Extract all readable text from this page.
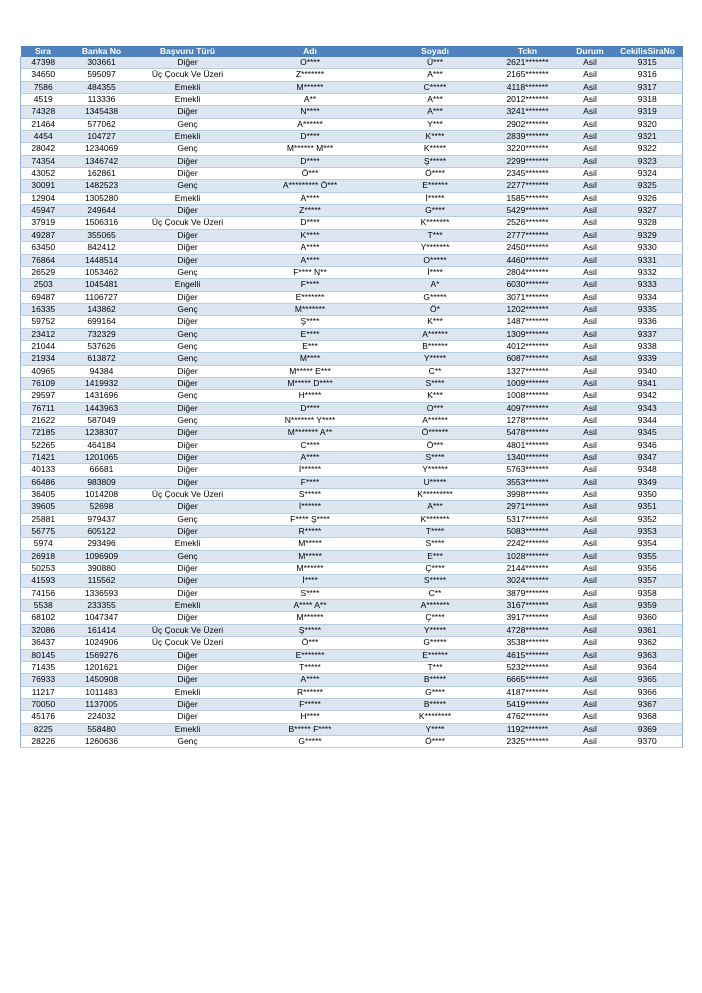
Sıra	Banka No	Başvuru Türü	Adı	Soyadı	Tckn	Durum	CekilisSiraNo
47398	303661	Diğer	O****	Ü***	2621*******	Asil	9315
34650	595097	Üç Çocuk Ve Üzeri	Z*******	A***	2165*******	Asil	9316
7586	484355	Emekli	M******	C*****	4118*******	Asil	9317
4519	113336	Emekli	A**	A***	2012*******	Asil	9318
74328	1345438	Diğer	N****	A***	3241*******	Asil	9319
21464	577062	Genç	A******	Y***	2902*******	Asil	9320
4454	104727	Emekli	D****	K****	2839*******	Asil	9321
28042	1234069	Genç	M****** M***	K*****	3220*******	Asil	9322
74354	1346742	Diğer	D****	Ş*****	2299*******	Asil	9323
43052	162861	Diğer	Ö***	Ö****	2345*******	Asil	9324
30091	1482523	Genç	A********* Ö***	E******	2277*******	Asil	9325
12904	1305280	Emekli	A****	İ*****	1585*******	Asil	9326
45947	249644	Diğer	Z*****	G****	5429*******	Asil	9327
37919	1506316	Üç Çocuk Ve Üzeri	D****	K*******	2526*******	Asil	9328
49287	355065	Diğer	K****	T***	2777*******	Asil	9329
63450	842412	Diğer	A****	Y*******	2450*******	Asil	9330
76864	1448514	Diğer	A****	O*****	4460*******	Asil	9331
26529	1053462	Genç	F**** N**	İ****	2804*******	Asil	9332
2503	1045481	Engelli	F****	A*	6030*******	Asil	9333
69487	1106727	Diğer	E*******	G*****	3071*******	Asil	9334
16335	143862	Genç	M*******	Ö*	1202*******	Asil	9335
59752	699164	Diğer	Ş****	K***	1487*******	Asil	9336
23412	732329	Genç	E****	A******	1309*******	Asil	9337
21044	537626	Genç	E***	B******	4012*******	Asil	9338
21934	613872	Genç	M****	Y*****	6087*******	Asil	9339
40965	94384	Diğer	M***** E***	C**	1327*******	Asil	9340
76109	1419932	Diğer	M***** D****	S****	1009*******	Asil	9341
29597	1431696	Genç	H*****	K***	1008*******	Asil	9342
76711	1443963	Diğer	D****	O***	4097*******	Asil	9343
21622	587049	Genç	N******* Y****	A******	1278*******	Asil	9344
72185	1238307	Diğer	M******* A**	Ö******	5478*******	Asil	9345
52265	464184	Diğer	C****	Ö***	4801*******	Asil	9346
71421	1201065	Diğer	A****	S****	1340*******	Asil	9347
40133	66681	Diğer	İ******	Y******	5763*******	Asil	9348
66486	983809	Diğer	F****	U*****	3553*******	Asil	9349
36405	1014208	Üç Çocuk Ve Üzeri	S*****	K*********	3998*******	Asil	9350
39605	52698	Diğer	İ******	A***	2971*******	Asil	9351
25881	979437	Genç	F**** Ş****	K*******	5317*******	Asil	9352
56775	605122	Diğer	R*****	T****	5083*******	Asil	9353
5974	293496	Emekli	M*****	S****	2242*******	Asil	9354
26918	1096909	Genç	M*****	E***	1028*******	Asil	9355
50253	390880	Diğer	M******	Ç****	2144*******	Asil	9356
41593	115562	Diğer	İ****	S*****	3024*******	Asil	9357
74156	1336593	Diğer	S****	C**	3879*******	Asil	9358
5538	233355	Emekli	A**** A**	A*******	3167*******	Asil	9359
68102	1047347	Diğer	M******	Ç****	3917*******	Asil	9360
32086	161414	Üç Çocuk Ve Üzeri	Ş*****	Y*****	4728*******	Asil	9361
36437	1024906	Üç Çocuk Ve Üzeri	Ö***	G*****	3538*******	Asil	9362
80145	1569276	Diğer	E*******	E******	4615*******	Asil	9363
71435	1201621	Diğer	T*****	T***	5232*******	Asil	9364
76933	1450908	Diğer	A****	B*****	6665*******	Asil	9365
11217	1011483	Emekli	R******	G****	4187*******	Asil	9366
70050	1137005	Diğer	F*****	B*****	5419*******	Asil	9367
45176	224032	Diğer	H****	K********	4762*******	Asil	9368
8225	558480	Emekli	B***** F****	Y****	1192*******	Asil	9369
28226	1260636	Genç	G*****	Ö****	2325*******	Asil	9370
